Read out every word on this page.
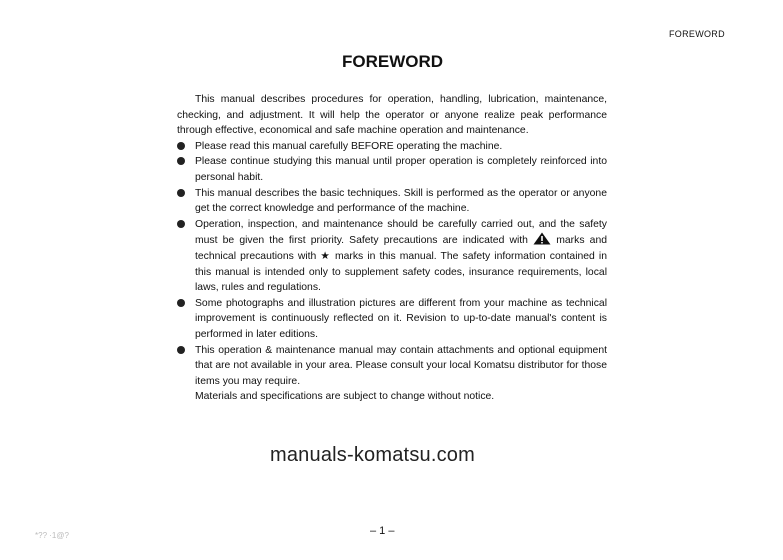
FOREWORD
FOREWORD

This manual describes procedures for operation, handling, lubrication, maintenance, checking, and adjustment. It will help the operator or anyone realize peak performance through effective, economical and safe machine operation and maintenance.

Please read this manual carefully BEFORE operating the machine.
Please continue studying this manual until proper operation is completely reinforced into personal habit.
This manual describes the basic techniques. Skill is performed as the operator or anyone get the correct knowledge and performance of the machine.
Operation, inspection, and maintenance should be carefully carried out, and the safety must be given the first priority. Safety precautions are indicated with	marks and technical precautions with ★ marks in this manual. The safety information contained in this manual is intended only to supplement safety codes, insurance requirements, local laws, rules and regulations.
Some photographs and illustration pictures are different from your machine as technical improvement is continuously reflected on it. Revision to up-to-date manual's content is performed in later editions.
This operation & maintenance manual may contain attachments and optional equipment that are not available in your area. Please consult your local Komatsu distributor for those items you may require.

Materials and specifications are subject to change without notice.

manuals-komatsu.com
– 1 –
*?? ·1@?
